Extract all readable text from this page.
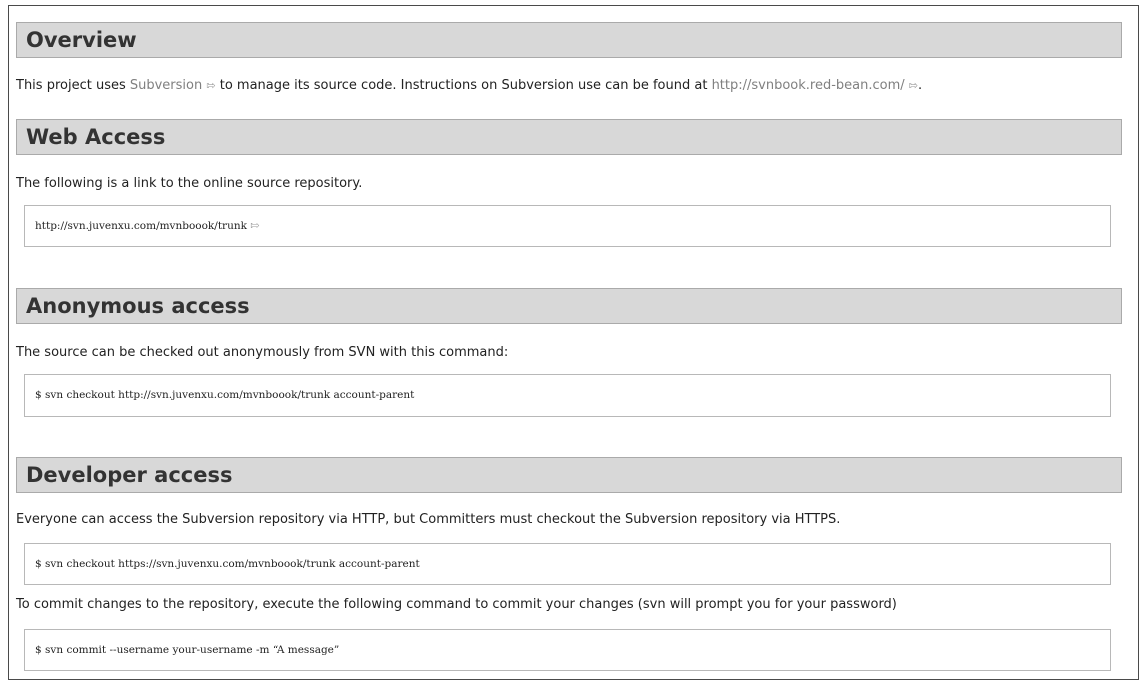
Overview
This project uses Subversion ⇰ to manage its source code. Instructions on Subversion use can be found at http://svnbook.red-bean.com/ ⇰.
Web Access
The following is a link to the online source repository.
http://svn.juvenxu.com/mvnboook/trunk ⇰
Anonymous access
The source can be checked out anonymously from SVN with this command:
$ svn checkout http://svn.juvenxu.com/mvnboook/trunk account-parent
Developer access
Everyone can access the Subversion repository via HTTP, but Committers must checkout the Subversion repository via HTTPS.
$ svn checkout https://svn.juvenxu.com/mvnboook/trunk account-parent
To commit changes to the repository, execute the following command to commit your changes (svn will prompt you for your password)
$ svn commit --username your-username -m “A message”
